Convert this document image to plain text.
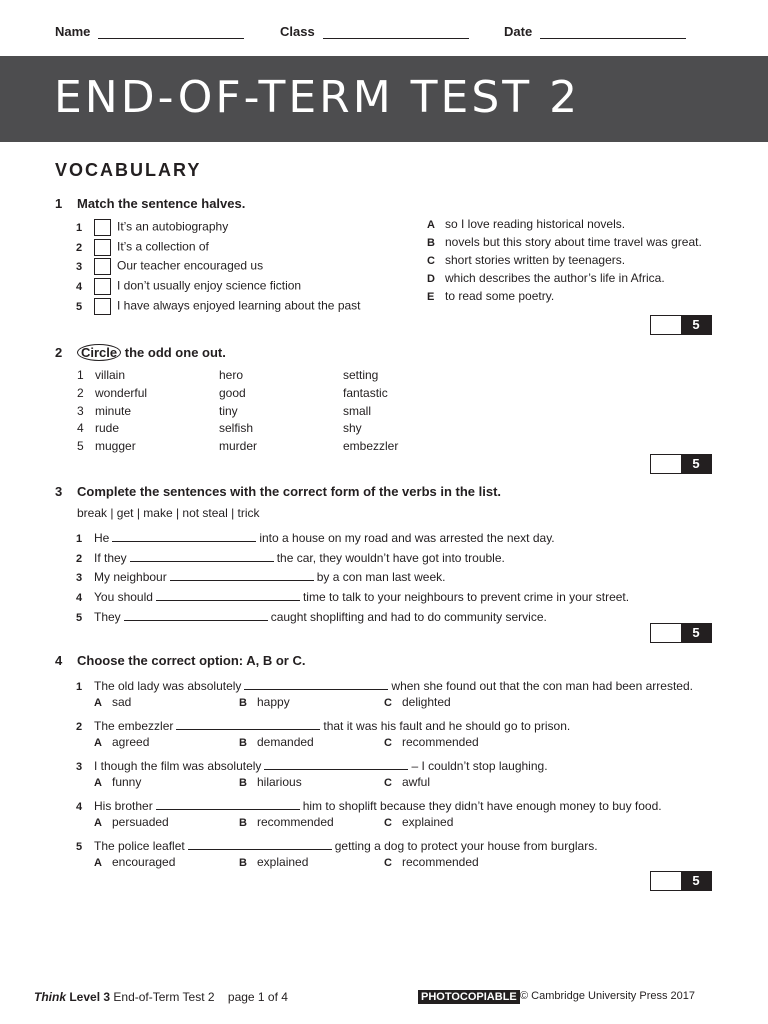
Name	Class	Date
END-OF-TERM TEST 2
VOCABULARY
1 Match the sentence halves.
1	It’s an autobiography
2	It’s a collection of
3	Our teacher encouraged us
4	I don’t usually enjoy science fiction
5	I have always enjoyed learning about the past
A so I love reading historical novels.
B novels but this story about time travel was great.
C short stories written by teenagers.
D which describes the author’s life in Africa.
E to read some poetry.
5
2 Circle the odd one out.
1 villain	hero	setting
2 wonderful	good	fantastic
3 minute	tiny	small
4 rude	selfish	shy
5 mugger	murder	embezzler
5
3 Complete the sentences with the correct form of the verbs in the list.
break | get | make | not steal | trick
1 He	into a house on my road and was arrested the next day.
2 If they	the car, they wouldn’t have got into trouble.
3 My neighbour	by a con man last week.
4 You should	time to talk to your neighbours to prevent crime in your street.
5 They	caught shoplifting and had to do community service.
5
4 Choose the correct option: A, B or C.
1 The old lady was absolutely	when she found out that the con man had been arrested.
A sad	B happy	C delighted
2 The embezzler	that it was his fault and he should go to prison.
A agreed	B demanded	C recommended
3 I though the film was absolutely	– I couldn’t stop laughing.
A funny	B hilarious	C awful
4 His brother	him to shoplift because they didn’t have enough money to buy food.
A persuaded	B recommended	C explained
5 The police leaflet	getting a dog to protect your house from burglars.
A encouraged	B explained	C recommended
5
Think Level 3 End-of-Term Test 2 page 1 of 4	PHOTOCOPIABLE © Cambridge University Press 2017
